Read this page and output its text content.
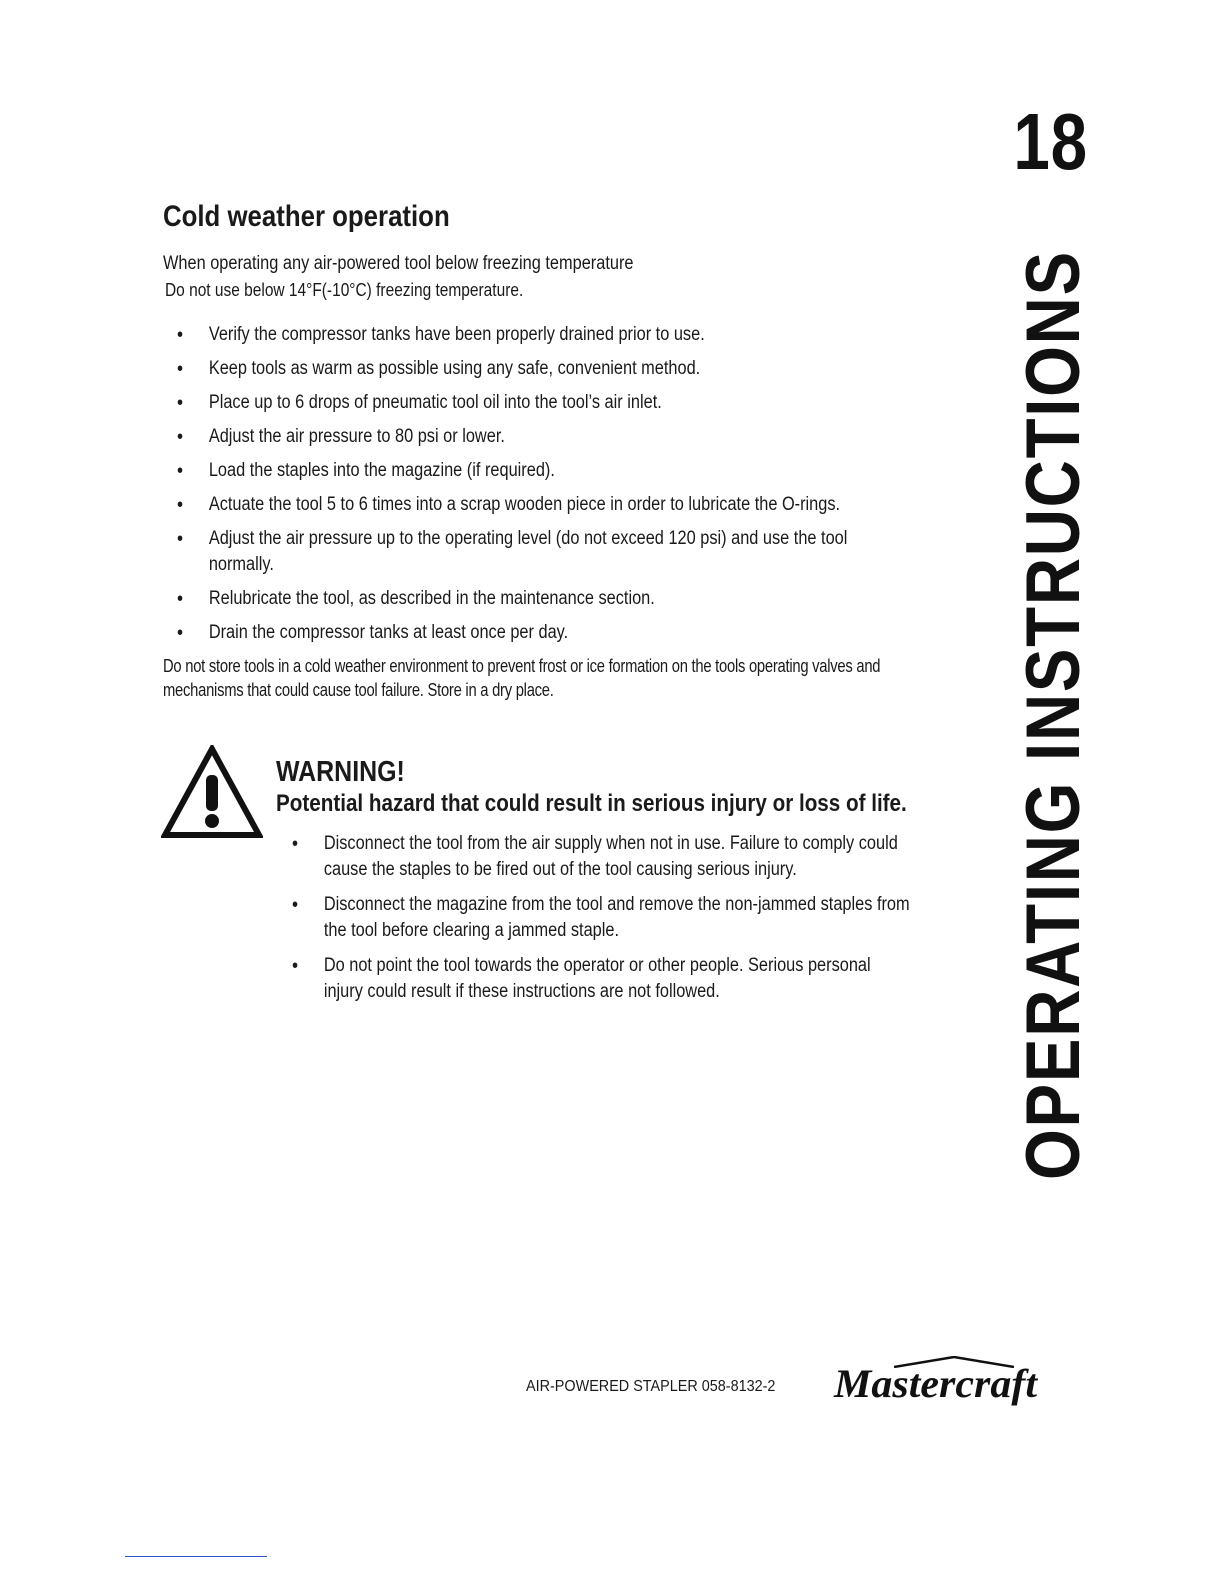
18
OPERATING INSTRUCTIONS
Cold weather operation

When operating any air-powered tool below freezing temperature

Do not use below 14°F(-10°C) freezing temperature.

• Verify the compressor tanks have been properly drained prior to use.
• Keep tools as warm as possible using any safe, convenient method.
• Place up to 6 drops of pneumatic tool oil into the tool’s air inlet.
• Adjust the air pressure to 80 psi or lower.
• Load the staples into the magazine (if required).
• Actuate the tool 5 to 6 times into a scrap wooden piece in order to lubricate the O-rings.
• Adjust the air pressure up to the operating level (do not exceed 120 psi) and use the tool normally.
• Relubricate the tool, as described in the maintenance section.
• Drain the compressor tanks at least once per day.

Do not store tools in a cold weather environment to prevent frost or ice formation on the tools operating valves and mechanisms that could cause tool failure. Store in a dry place.

WARNING!
Potential hazard that could result in serious injury or loss of life.
• Disconnect the tool from the air supply when not in use. Failure to comply could cause the staples to be fired out of the tool causing serious injury.
• Disconnect the magazine from the tool and remove the non-jammed staples from the tool before clearing a jammed staple.
• Do not point the tool towards the operator or other people. Serious personal injury could result if these instructions are not followed.
AIR-POWERED STAPLER 058-8132-2 Mastercraft
